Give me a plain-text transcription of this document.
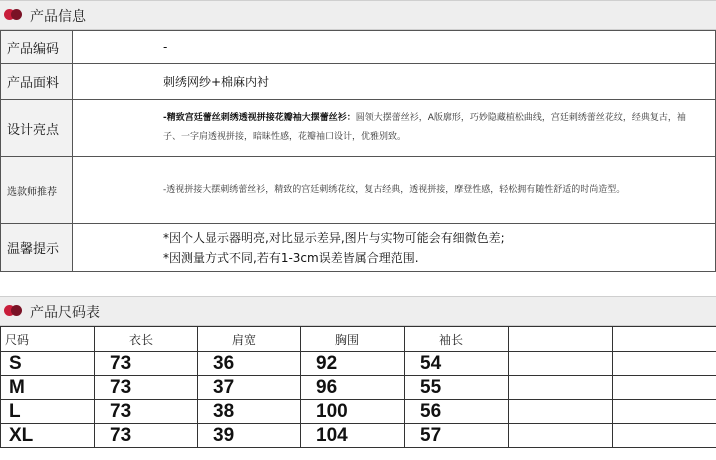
产品信息
产品编码	-
产品面料	刺绣网纱+棉麻内衬
设计亮点	-精致宫廷蕾丝刺绣透视拼接花瓣袖大摆蕾丝衫：圆领大摆蕾丝衫，A版廓形，巧妙隐藏植松曲线，宫廷刺绣蕾丝花纹，经典复古，袖子、一字肩透视拼接，暗昧性感，花瓣袖口设计，优雅别致。
选款师推荐	-透视拼接大摆刺绣蕾丝衫，精致的宫廷刺绣花纹，复古经典，透视拼接，摩登性感，轻松拥有随性舒适的时尚造型。
温馨提示	*因个人显示器明亮,对比显示差异,图片与实物可能会有细微色差;
*因测量方式不同,若有1-3cm误差皆属合理范围.
产品尺码表
尺码	衣长	肩宽	胸围	袖长		
S	73	36	92	54		
M	73	37	96	55		
L	73	38	100	56		
XL	73	39	104	57		
